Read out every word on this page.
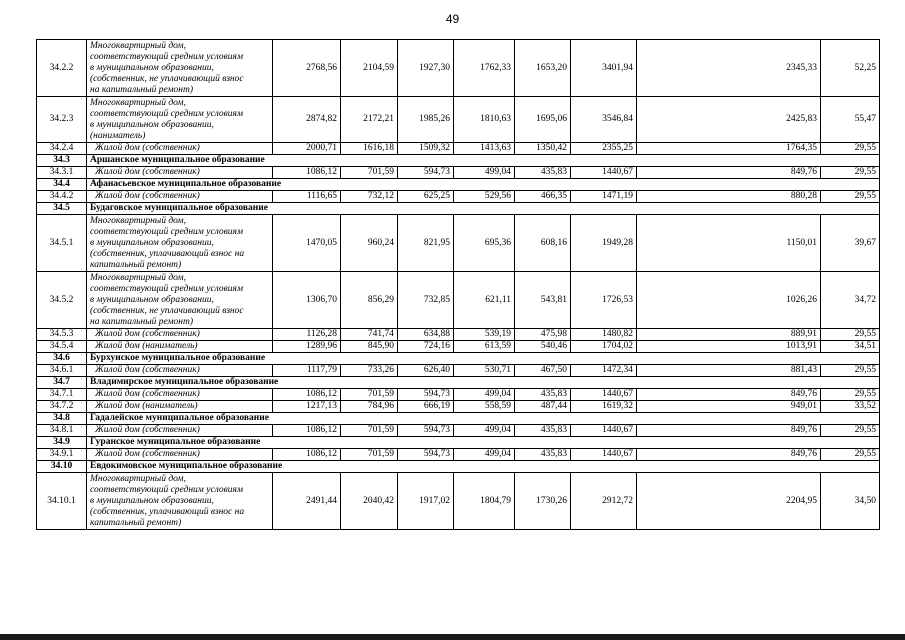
49
34.2.2	Многоквартирный дом,
соответствующий средним условиям
в муниципальном образовании,
(собственник, не уплачивающий взнос
на капитальный ремонт)	2768,56	2104,59	1927,30	1762,33	1653,20	3401,94	2345,33	52,25
34.2.3	Многоквартирный дом,
соответствующий средним условиям
в муниципальном образовании,
(наниматель)	2874,82	2172,21	1985,26	1810,63	1695,06	3546,84	2425,83	55,47
34.2.4	Жилой дом (собственник)	2000,71	1616,18	1509,32	1413,63	1350,42	2355,25	1764,35	29,55
34.3	Аршанское муниципальное образование								
34.3.1	Жилой дом (собственник)	1086,12	701,59	594,73	499,04	435,83	1440,67	849,76	29,55
34.4	Афанасьевское муниципальное образование								
34.4.2	Жилой дом (собственник)	1116,65	732,12	625,25	529,56	466,35	1471,19	880,28	29,55
34.5	Будаговское муниципальное образование								
34.5.1	Многоквартирный дом,
соответствующий средним условиям
в муниципальном образовании,
(собственник, уплачивающий взнос на
капитальный ремонт)	1470,05	960,24	821,95	695,36	608,16	1949,28	1150,01	39,67
34.5.2	Многоквартирный дом,
соответствующий средним условиям
в муниципальном образовании,
(собственник, не уплачивающий взнос
на капитальный ремонт)	1306,70	856,29	732,85	621,11	543,81	1726,53	1026,26	34,72
34.5.3	Жилой дом (собственник)	1126,28	741,74	634,88	539,19	475,98	1480,82	889,91	29,55
34.5.4	Жилой дом (наниматель)	1289,96	845,90	724,16	613,59	540,46	1704,02	1013,91	34,51
34.6	Бурхунское муниципальное образование								
34.6.1	Жилой дом (собственник)	1117,79	733,26	626,40	530,71	467,50	1472,34	881,43	29,55
34.7	Владимирское муниципальное образование								
34.7.1	Жилой дом (собственник)	1086,12	701,59	594,73	499,04	435,83	1440,67	849,76	29,55
34.7.2	Жилой дом (наниматель)	1217,13	784,96	666,19	558,59	487,44	1619,32	949,01	33,52
34.8	Гадалейское муниципальное образование								
34.8.1	Жилой дом (собственник)	1086,12	701,59	594,73	499,04	435,83	1440,67	849,76	29,55
34.9	Гуранское муниципальное образование								
34.9.1	Жилой дом (собственник)	1086,12	701,59	594,73	499,04	435,83	1440,67	849,76	29,55
34.10	Евдокимовское муниципальное образование								
34.10.1	Многоквартирный дом,
соответствующий средним условиям
в муниципальном образовании,
(собственник, уплачивающий взнос на
капитальный ремонт)	2491,44	2040,42	1917,02	1804,79	1730,26	2912,72	2204,95	34,50
